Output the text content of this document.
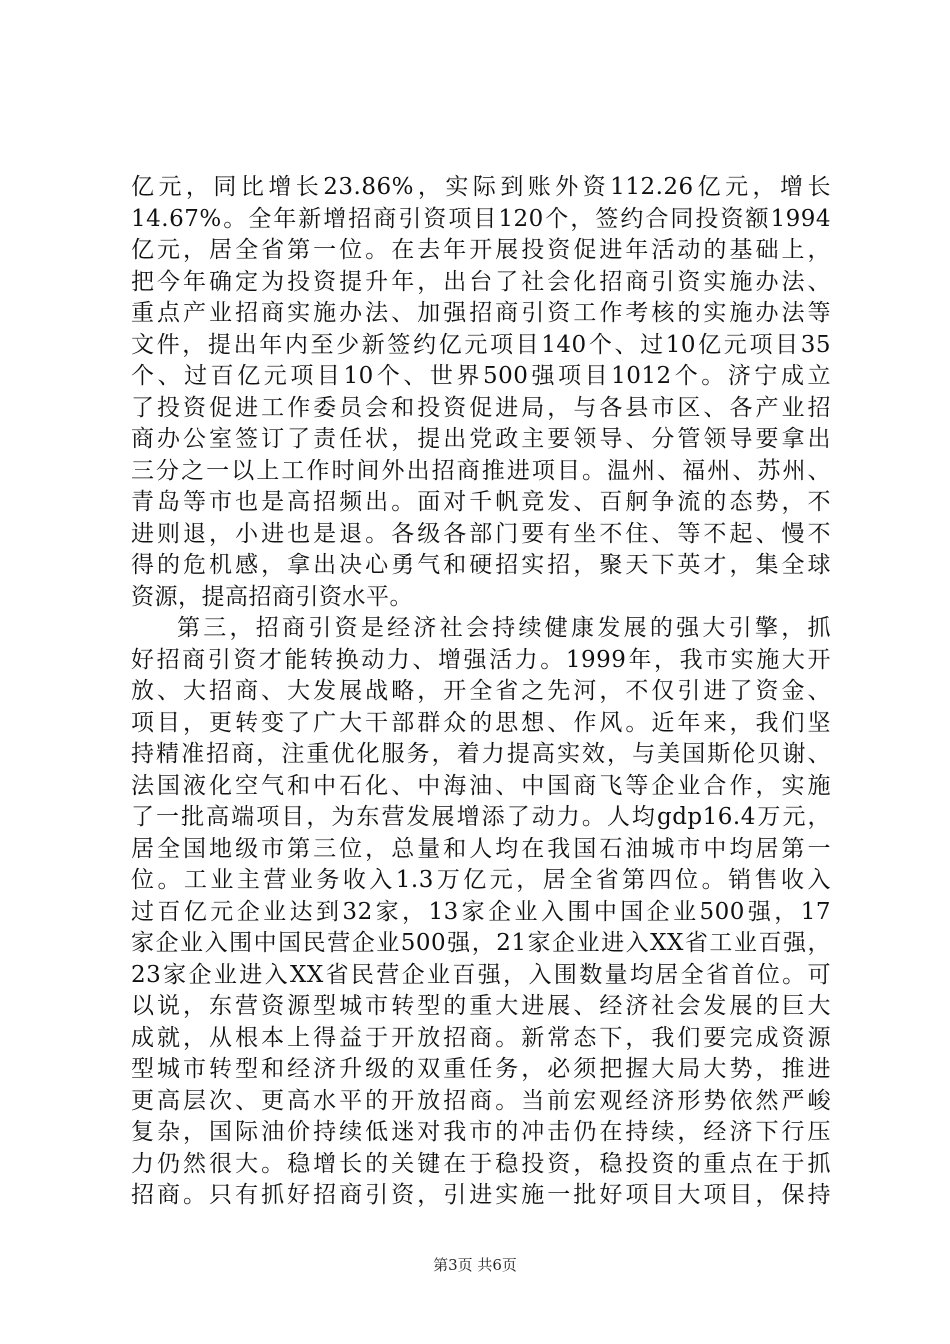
亿元，同比增长23.86%，实际到账外资112.26亿元，增长
14.67%。全年新增招商引资项目120个，签约合同投资额1994
亿元，居全省第一位。在去年开展投资促进年活动的基础上，
把今年确定为投资提升年，出台了社会化招商引资实施办法、
重点产业招商实施办法、加强招商引资工作考核的实施办法等
文件，提出年内至少新签约亿元项目140个、过10亿元项目35
个、过百亿元项目10个、世界500强项目1012个。济宁成立
了投资促进工作委员会和投资促进局，与各县市区、各产业招
商办公室签订了责任状，提出党政主要领导、分管领导要拿出
三分之一以上工作时间外出招商推进项目。温州、福州、苏州、
青岛等市也是高招频出。面对千帆竞发、百舸争流的态势，不
进则退，小进也是退。各级各部门要有坐不住、等不起、慢不
得的危机感，拿出决心勇气和硬招实招，聚天下英才，集全球
资源，提高招商引资水平。
第三，招商引资是经济社会持续健康发展的强大引擎，抓
好招商引资才能转换动力、增强活力。1999年，我市实施大开
放、大招商、大发展战略，开全省之先河，不仅引进了资金、
项目，更转变了广大干部群众的思想、作风。近年来，我们坚
持精准招商，注重优化服务，着力提高实效，与美国斯伦贝谢、
法国液化空气和中石化、中海油、中国商飞等企业合作，实施
了一批高端项目，为东营发展增添了动力。人均gdp16.4万元，
居全国地级市第三位，总量和人均在我国石油城市中均居第一
位。工业主营业务收入1.3万亿元，居全省第四位。销售收入
过百亿元企业达到32家，13家企业入围中国企业500强，17
家企业入围中国民营企业500强，21家企业进入XX省工业百强，
23家企业进入XX省民营企业百强，入围数量均居全省首位。可
以说，东营资源型城市转型的重大进展、经济社会发展的巨大
成就，从根本上得益于开放招商。新常态下，我们要完成资源
型城市转型和经济升级的双重任务，必须把握大局大势，推进
更高层次、更高水平的开放招商。当前宏观经济形势依然严峻
复杂，国际油价持续低迷对我市的冲击仍在持续，经济下行压
力仍然很大。稳增长的关键在于稳投资，稳投资的重点在于抓
招商。只有抓好招商引资，引进实施一批好项目大项目，保持
第3页 共6页
